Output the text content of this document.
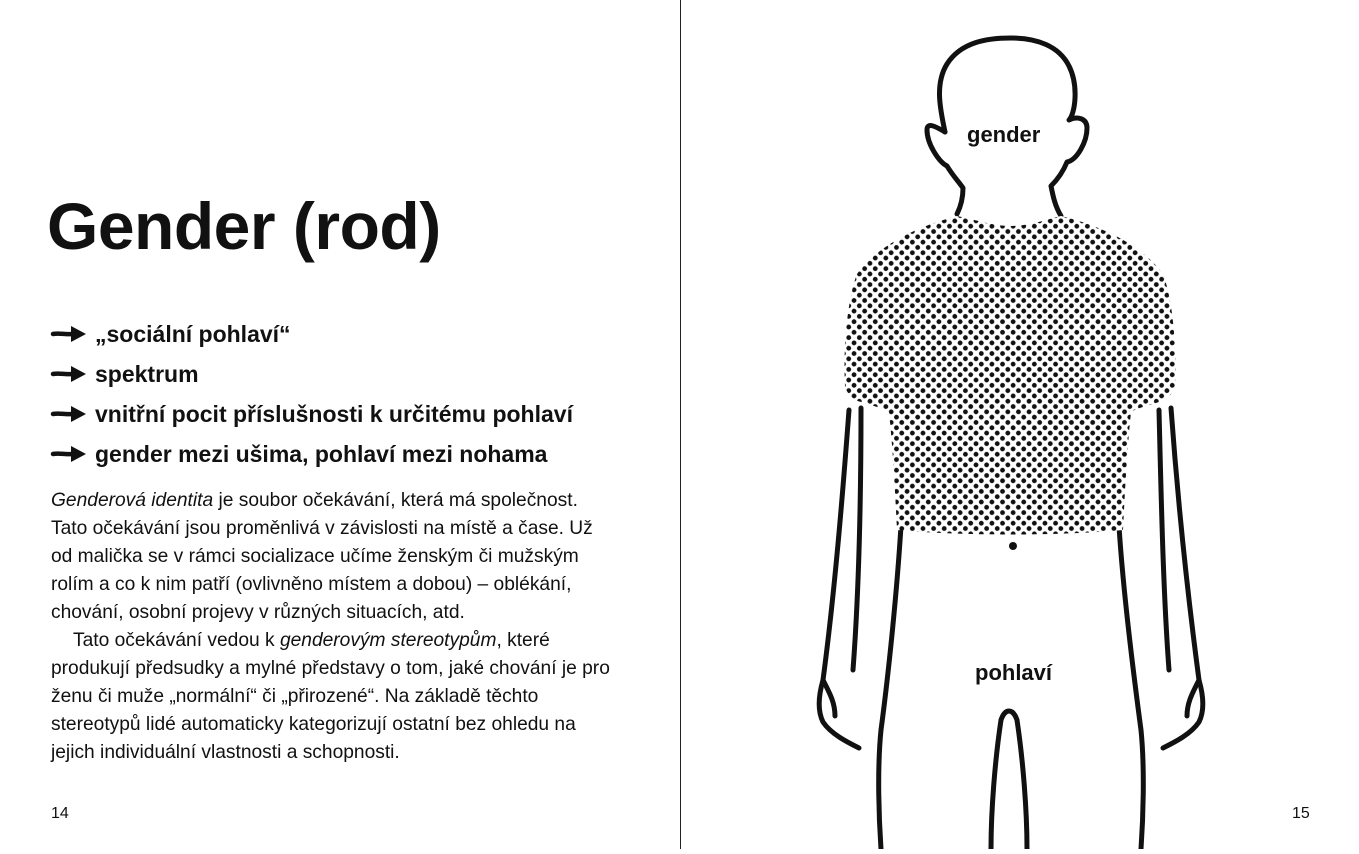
Gender (rod)
„sociální pohlaví“
spektrum
vnitřní pocit příslušnosti k určitému pohlaví
gender mezi ušima, pohlaví mezi nohama

Genderová identita je soubor očekávání, která má společnost. Tato očekávání jsou proměnlivá v závislosti na místě a čase. Už od malička se v rámci socializace učíme ženským či mužským rolím a co k nim patří (ovlivněno místem a dobou) – oblékání, chování, osobní projevy v různých situacích, atd.

Tato očekávání vedou k genderovým stereotypům, které produkují předsudky a mylné představy o tom, jaké chování je pro ženu či muže „normální“ či „přirozené“. Na základě těchto stereotypů lidé automaticky kategorizují ostatní bez ohledu na jejich individuální vlastnosti a schopnosti.

14
gender
pohlaví
15
